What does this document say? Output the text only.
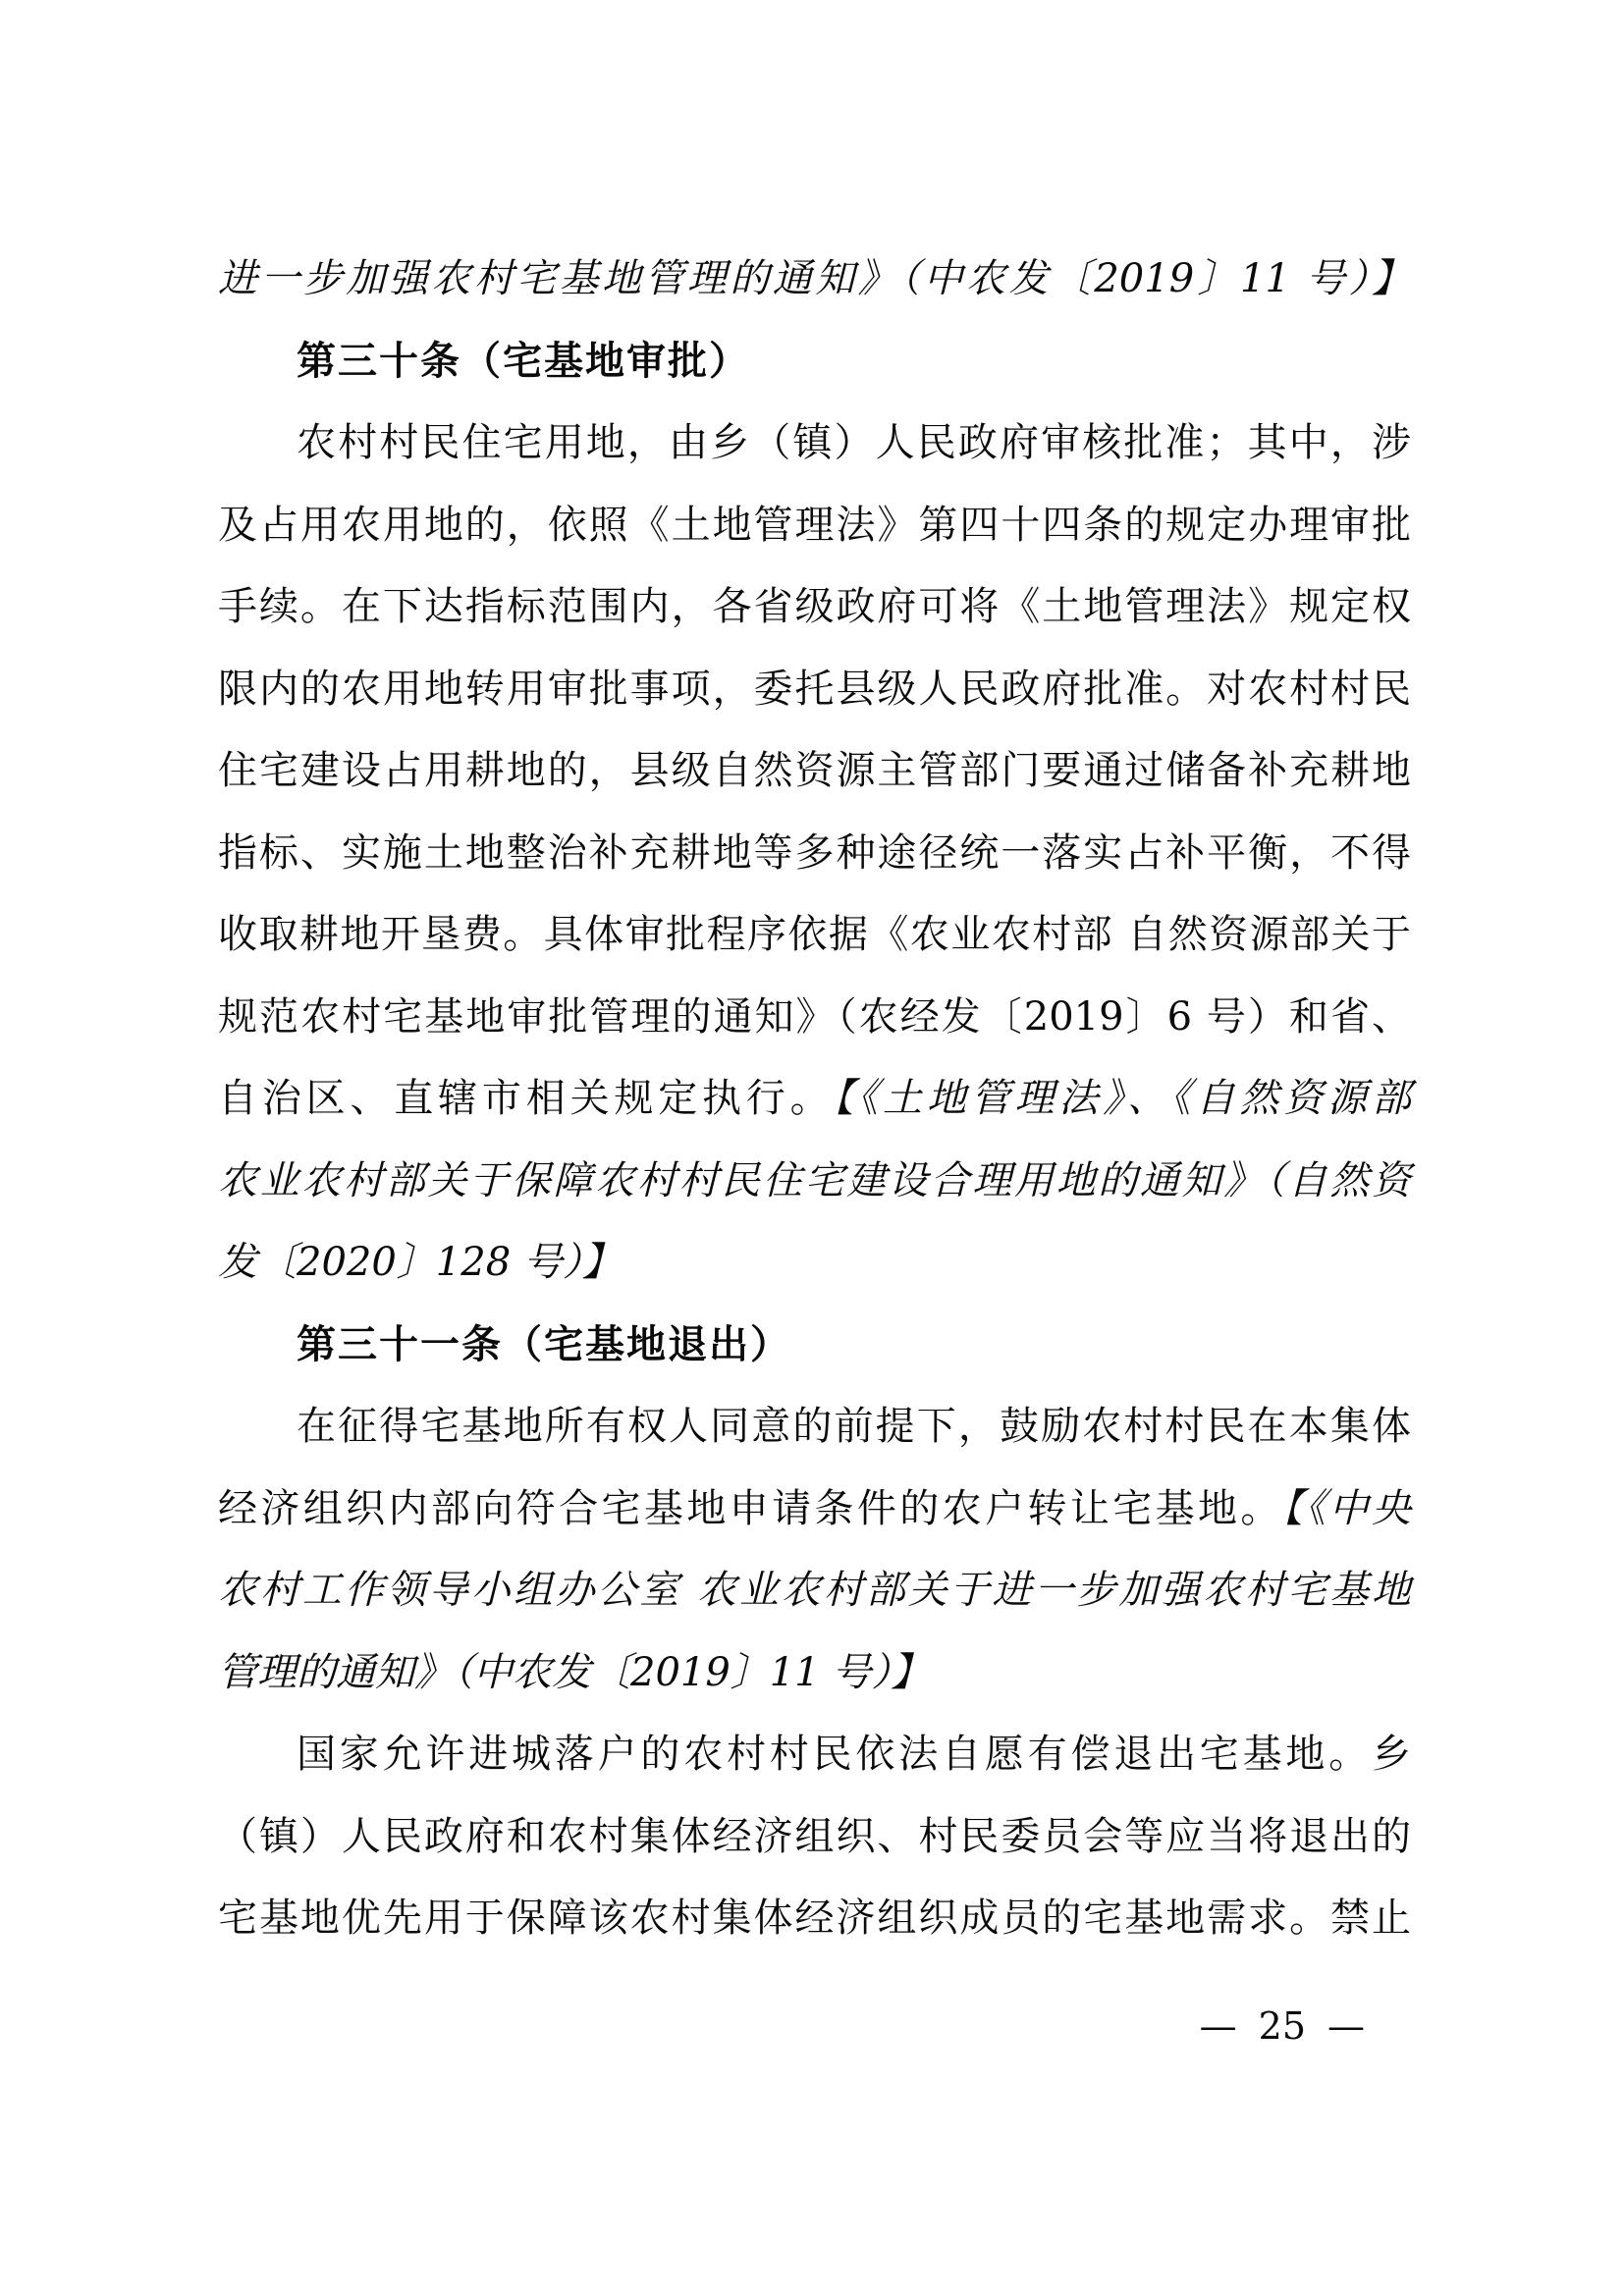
进一步加强农村宅基地管理的通知》（中农发〔2019〕11 号）】
第三十条（宅基地审批）
农村村民住宅用地，由乡（镇）人民政府审核批准；其中，涉
及占用农用地的，依照《土地管理法》第四十四条的规定办理审批
手续。在下达指标范围内，各省级政府可将《土地管理法》规定权
限内的农用地转用审批事项，委托县级人民政府批准。对农村村民
住宅建设占用耕地的，县级自然资源主管部门要通过储备补充耕地
指标、实施土地整治补充耕地等多种途径统一落实占补平衡，不得
收取耕地开垦费。具体审批程序依据《农业农村部 自然资源部关于
规范农村宅基地审批管理的通知》（农经发〔2019〕6 号）和省、
自治区、直辖市相关规定执行。【《土地管理法》、《自然资源部
农业农村部关于保障农村村民住宅建设合理用地的通知》（自然资
发〔2020〕128 号）】
第三十一条（宅基地退出）
在征得宅基地所有权人同意的前提下，鼓励农村村民在本集体
经济组织内部向符合宅基地申请条件的农户转让宅基地。【《中央
农村工作领导小组办公室 农业农村部关于进一步加强农村宅基地
管理的通知》（中农发〔2019〕11 号）】
国家允许进城落户的农村村民依法自愿有偿退出宅基地。乡
（镇）人民政府和农村集体经济组织、村民委员会等应当将退出的
宅基地优先用于保障该农村集体经济组织成员的宅基地需求。禁止
— 25 —
